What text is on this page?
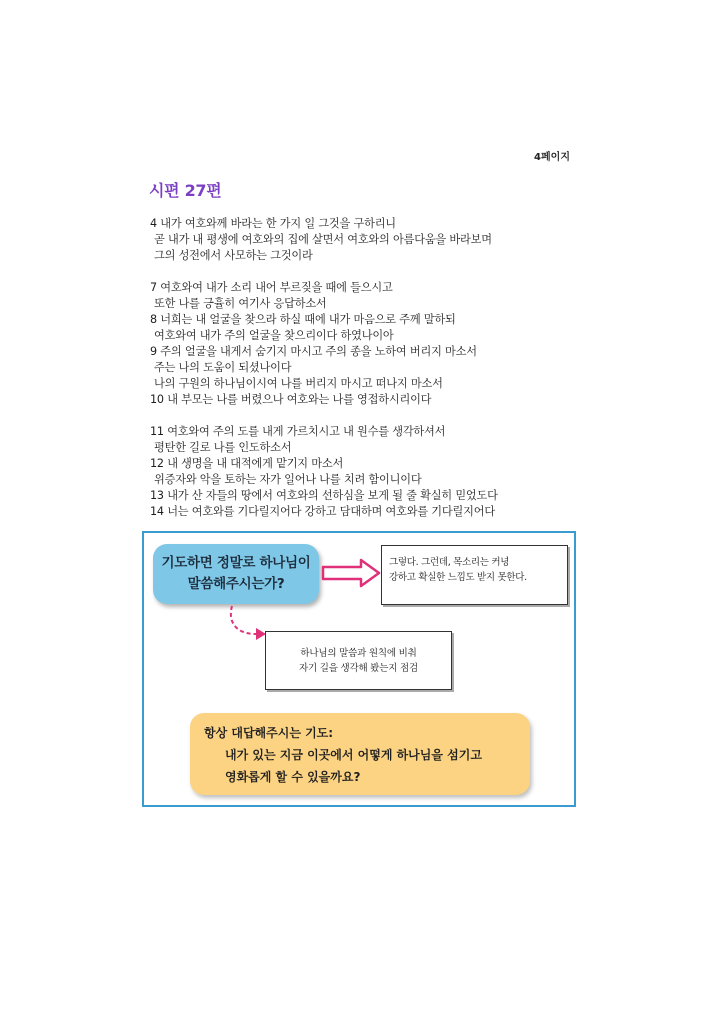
4페이지
시편 27편
4 내가 여호와께 바라는 한 가지 일 그것을 구하리니
곧 내가 내 평생에 여호와의 집에 살면서 여호와의 아름다움을 바라보며
그의 성전에서 사모하는 그것이라
7 여호와여 내가 소리 내어 부르짖을 때에 들으시고
또한 나를 긍휼히 여기사 응답하소서
8 너희는 내 얼굴을 찾으라 하실 때에 내가 마음으로 주께 말하되
여호와여 내가 주의 얼굴을 찾으리이다 하였나이아
9 주의 얼굴을 내게서 숨기지 마시고 주의 종을 노하여 버리지 마소서
주는 나의 도움이 되셨나이다
나의 구원의 하나님이시여 나를 버리지 마시고 떠나지 마소서
10 내 부모는 나를 버렸으나 여호와는 나를 영접하시리이다
11 여호와여 주의 도를 내게 가르치시고 내 원수를 생각하셔서
평탄한 길로 나를 인도하소서
12 내 생명을 내 대적에게 맡기지 마소서
위증자와 악을 토하는 자가 일어나 나를 치려 함이니이다
13 내가 산 자들의 땅에서 여호와의 선하심을 보게 될 줄 확실히 믿었도다
14 너는 여호와를 기다릴지어다 강하고 담대하며 여호와를 기다릴지어다
기도하면 정말로 하나님이
말씀해주시는가?
그렇다. 그런데, 목소리는 커녕
강하고 확실한 느낌도 받지 못한다.
하나님의 말씀과 원칙에 비춰
자기 길을 생각해 봤는지 점검
항상 대답해주시는 기도:
내가 있는 지금 이곳에서 어떻게 하나님을 섬기고
영화롭게 할 수 있을까요?
